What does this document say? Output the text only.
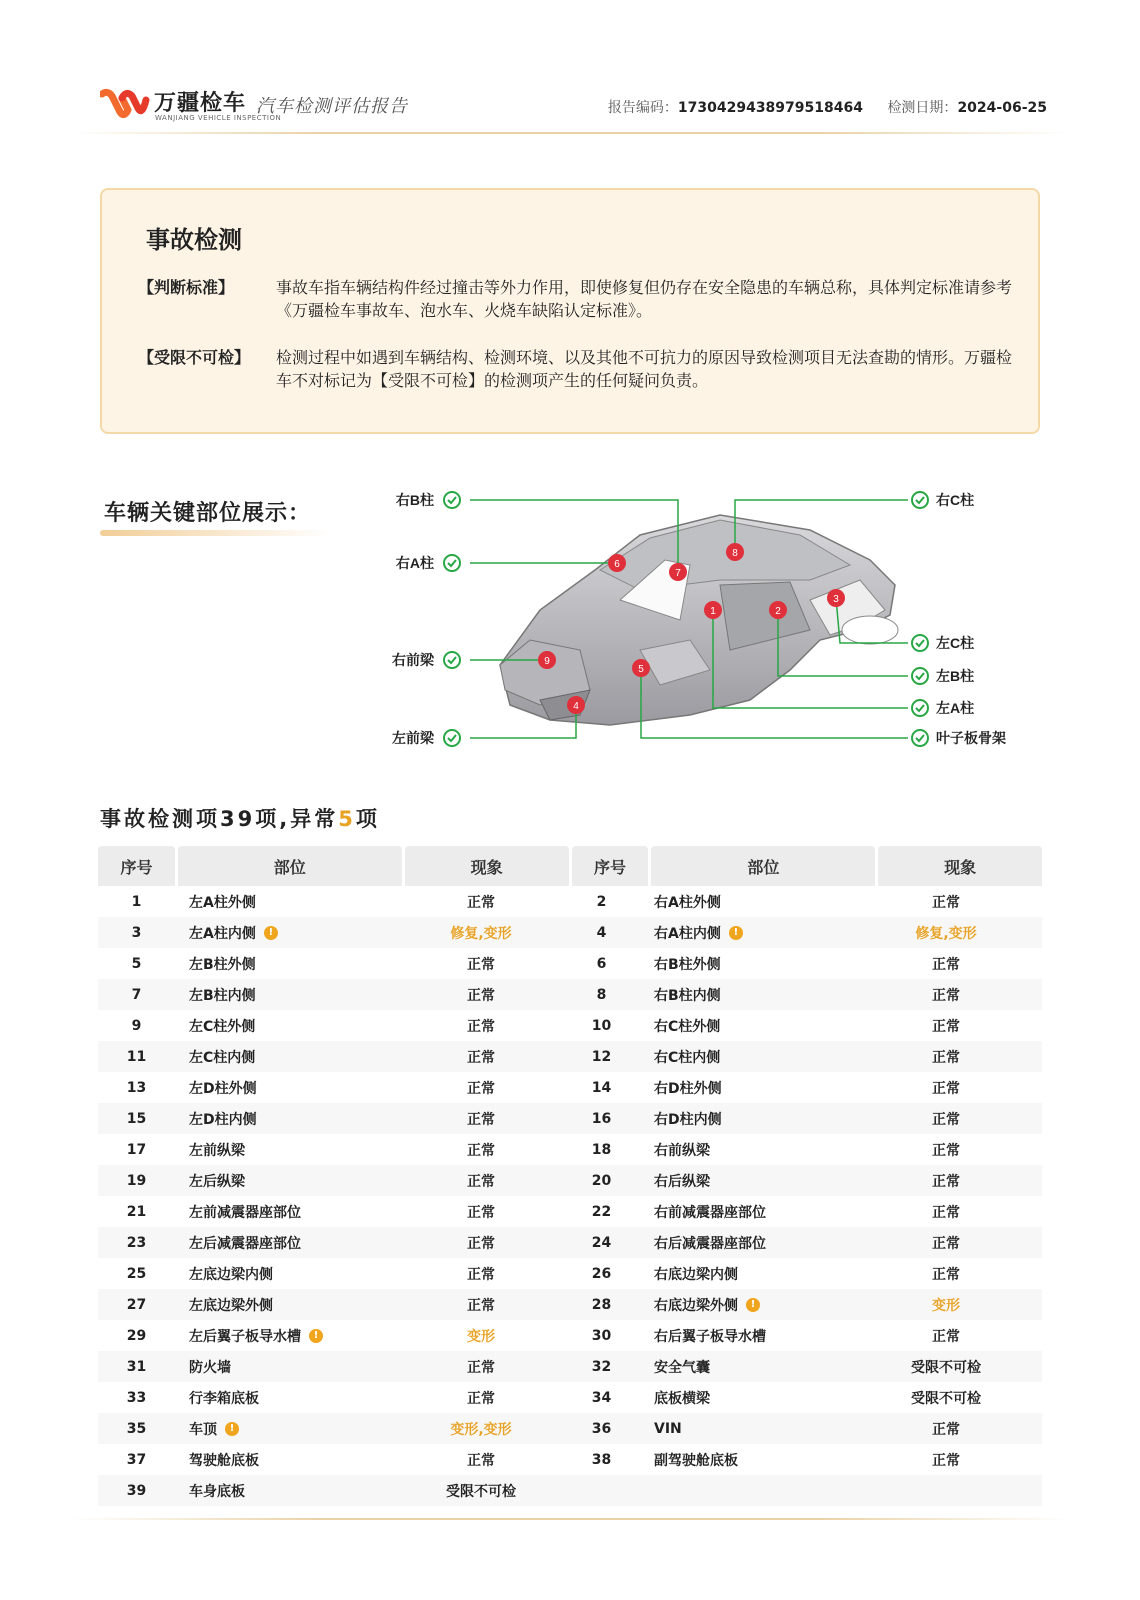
万疆检车
WANJIANG VEHICLE INSPECTION
汽车检测评估报告	报告编码：1730429438979518464 检测日期：2024-06-25
事故检测
【判断标准】	事故车指车辆结构件经过撞击等外力作用，即使修复但仍存在安全隐患的车辆总称，具体判定标准请参考《万疆检车事故车、泡水车、火烧车缺陷认定标准》。
【受限不可检】 检测过程中如遇到车辆结构、检测环境、以及其他不可抗力的原因导致检测项目无法查勘的情形。万疆检车不对标记为【受限不可检】的检测项产生的任何疑问负责。
车辆关键部位展示：
1	2
3
4
5
6
7
8
9
右B柱
右A柱
右前梁
左前梁
右C柱
左C柱
左B柱
左A柱
叶子板骨架
事故检测项39项,异常5项
序号	部位	现象	序号	部位	现象
1	左A柱外侧	正常	2	右A柱外侧	正常
3	左A柱内侧	!	修复,变形	4	右A柱内侧	!	修复,变形
5	左B柱外侧	正常	6	右B柱外侧	正常
7	左B柱内侧	正常	8	右B柱内侧	正常
9	左C柱外侧	正常	10	右C柱外侧	正常
11	左C柱内侧	正常	12	右C柱内侧	正常
13	左D柱外侧	正常	14	右D柱外侧	正常
15	左D柱内侧	正常	16	右D柱内侧	正常
17	左前纵梁	正常	18	右前纵梁	正常
19	左后纵梁	正常	20	右后纵梁	正常
21	左前减震器座部位	正常	22	右前减震器座部位	正常
23	左后减震器座部位	正常	24	右后减震器座部位	正常
25	左底边梁内侧	正常	26	右底边梁内侧	正常
27	左底边梁外侧	正常	28	右底边梁外侧	!	变形
29	左后翼子板导水槽	!	变形	30	右后翼子板导水槽	正常
31	防火墙	正常	32	安全气囊	受限不可检
33	行李箱底板	正常	34	底板横梁	受限不可检
35	车顶	!	变形,变形	36	VIN	正常
37	驾驶舱底板	正常	38	副驾驶舱底板	正常
39	车身底板	受限不可检
